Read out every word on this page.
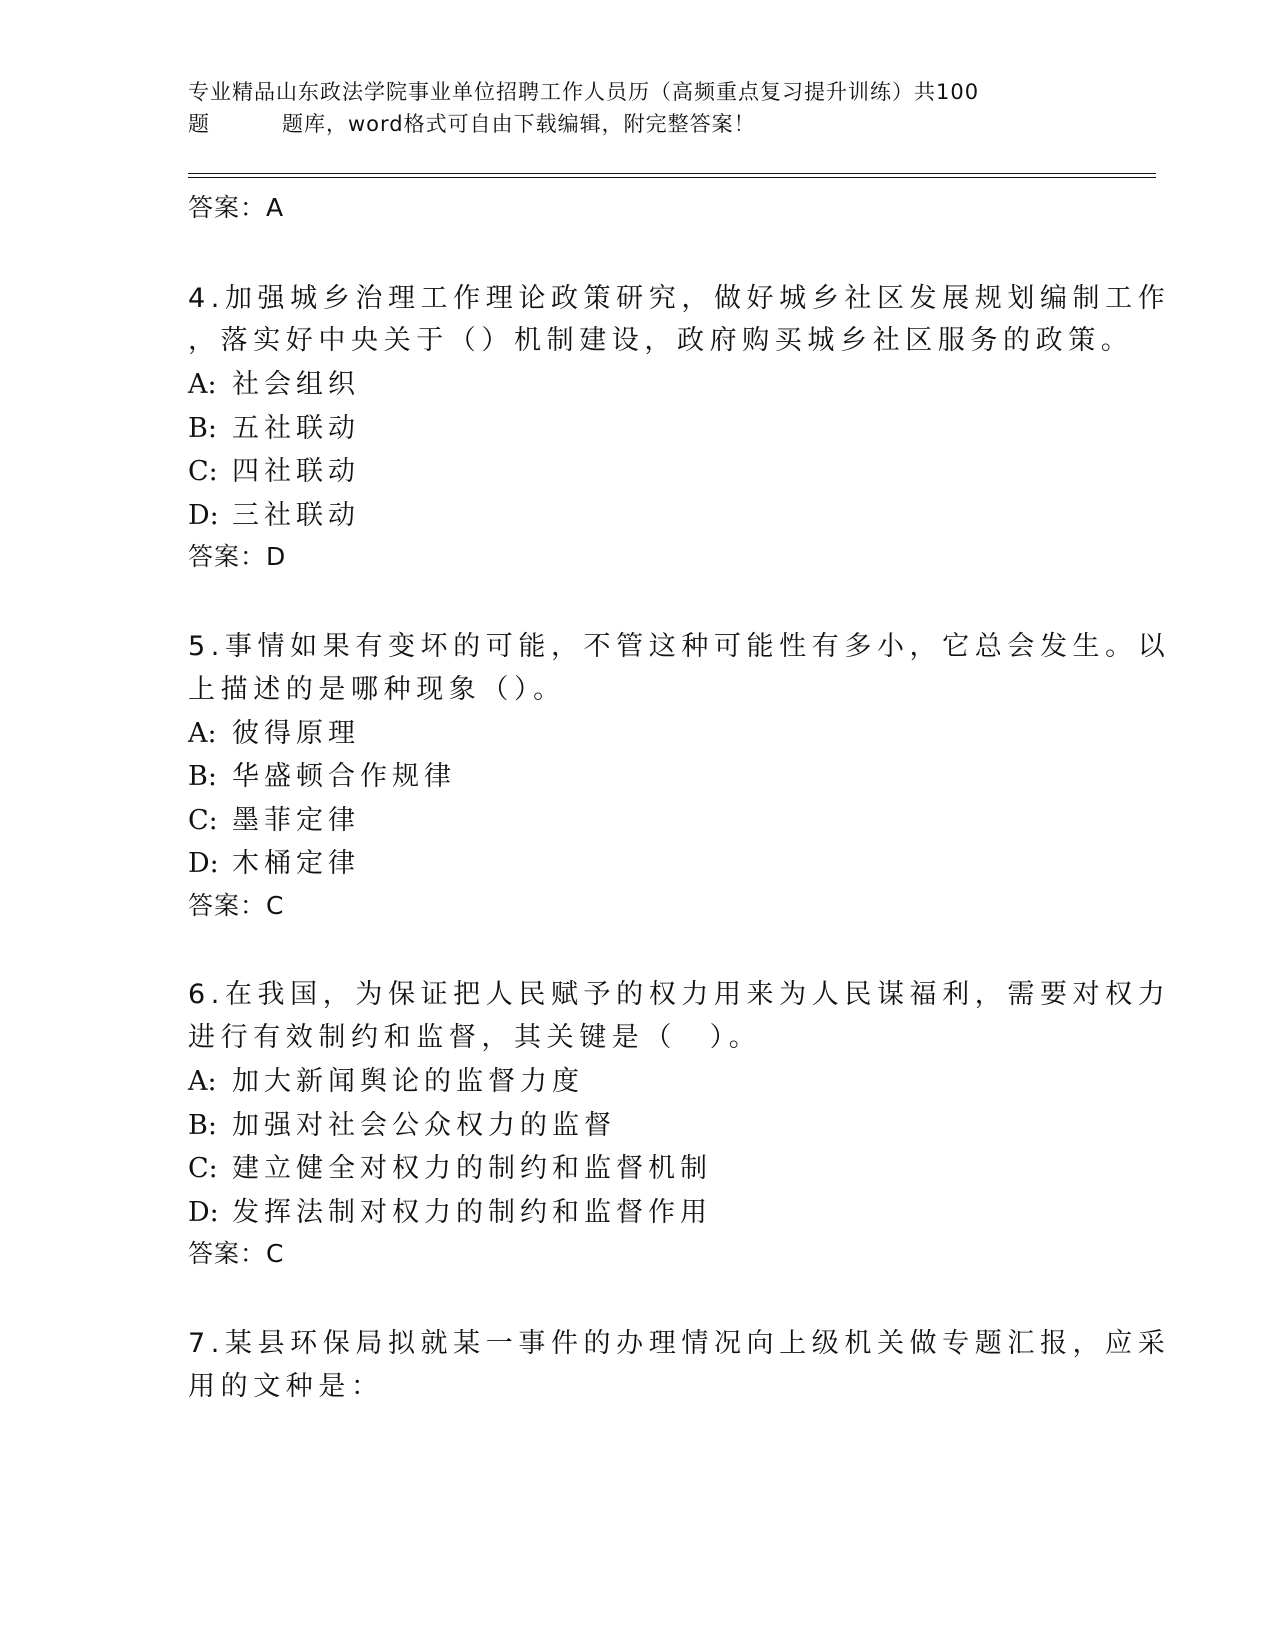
专业精品山东政法学院事业单位招聘工作人员历（高频重点复习提升训练）共100
题	题库，word格式可自由下载编辑，附完整答案！
答案：A
4.加强城乡治理工作理论政策研究，做好城乡社区发展规划编制工作
，落实好中央关于（）机制建设，政府购买城乡社区服务的政策。
A: 社会组织
B: 五社联动
C: 四社联动
D: 三社联动
答案：D
5.事情如果有变坏的可能，不管这种可能性有多小，它总会发生。以
上描述的是哪种现象（）。
A: 彼得原理
B: 华盛顿合作规律
C: 墨菲定律
D: 木桶定律
答案：C
6.在我国，为保证把人民赋予的权力用来为人民谋福利，需要对权力
进行有效制约和监督，其关键是（　）。
A: 加大新闻舆论的监督力度
B: 加强对社会公众权力的监督
C: 建立健全对权力的制约和监督机制
D: 发挥法制对权力的制约和监督作用
答案：C
7.某县环保局拟就某一事件的办理情况向上级机关做专题汇报，应采
用的文种是：
